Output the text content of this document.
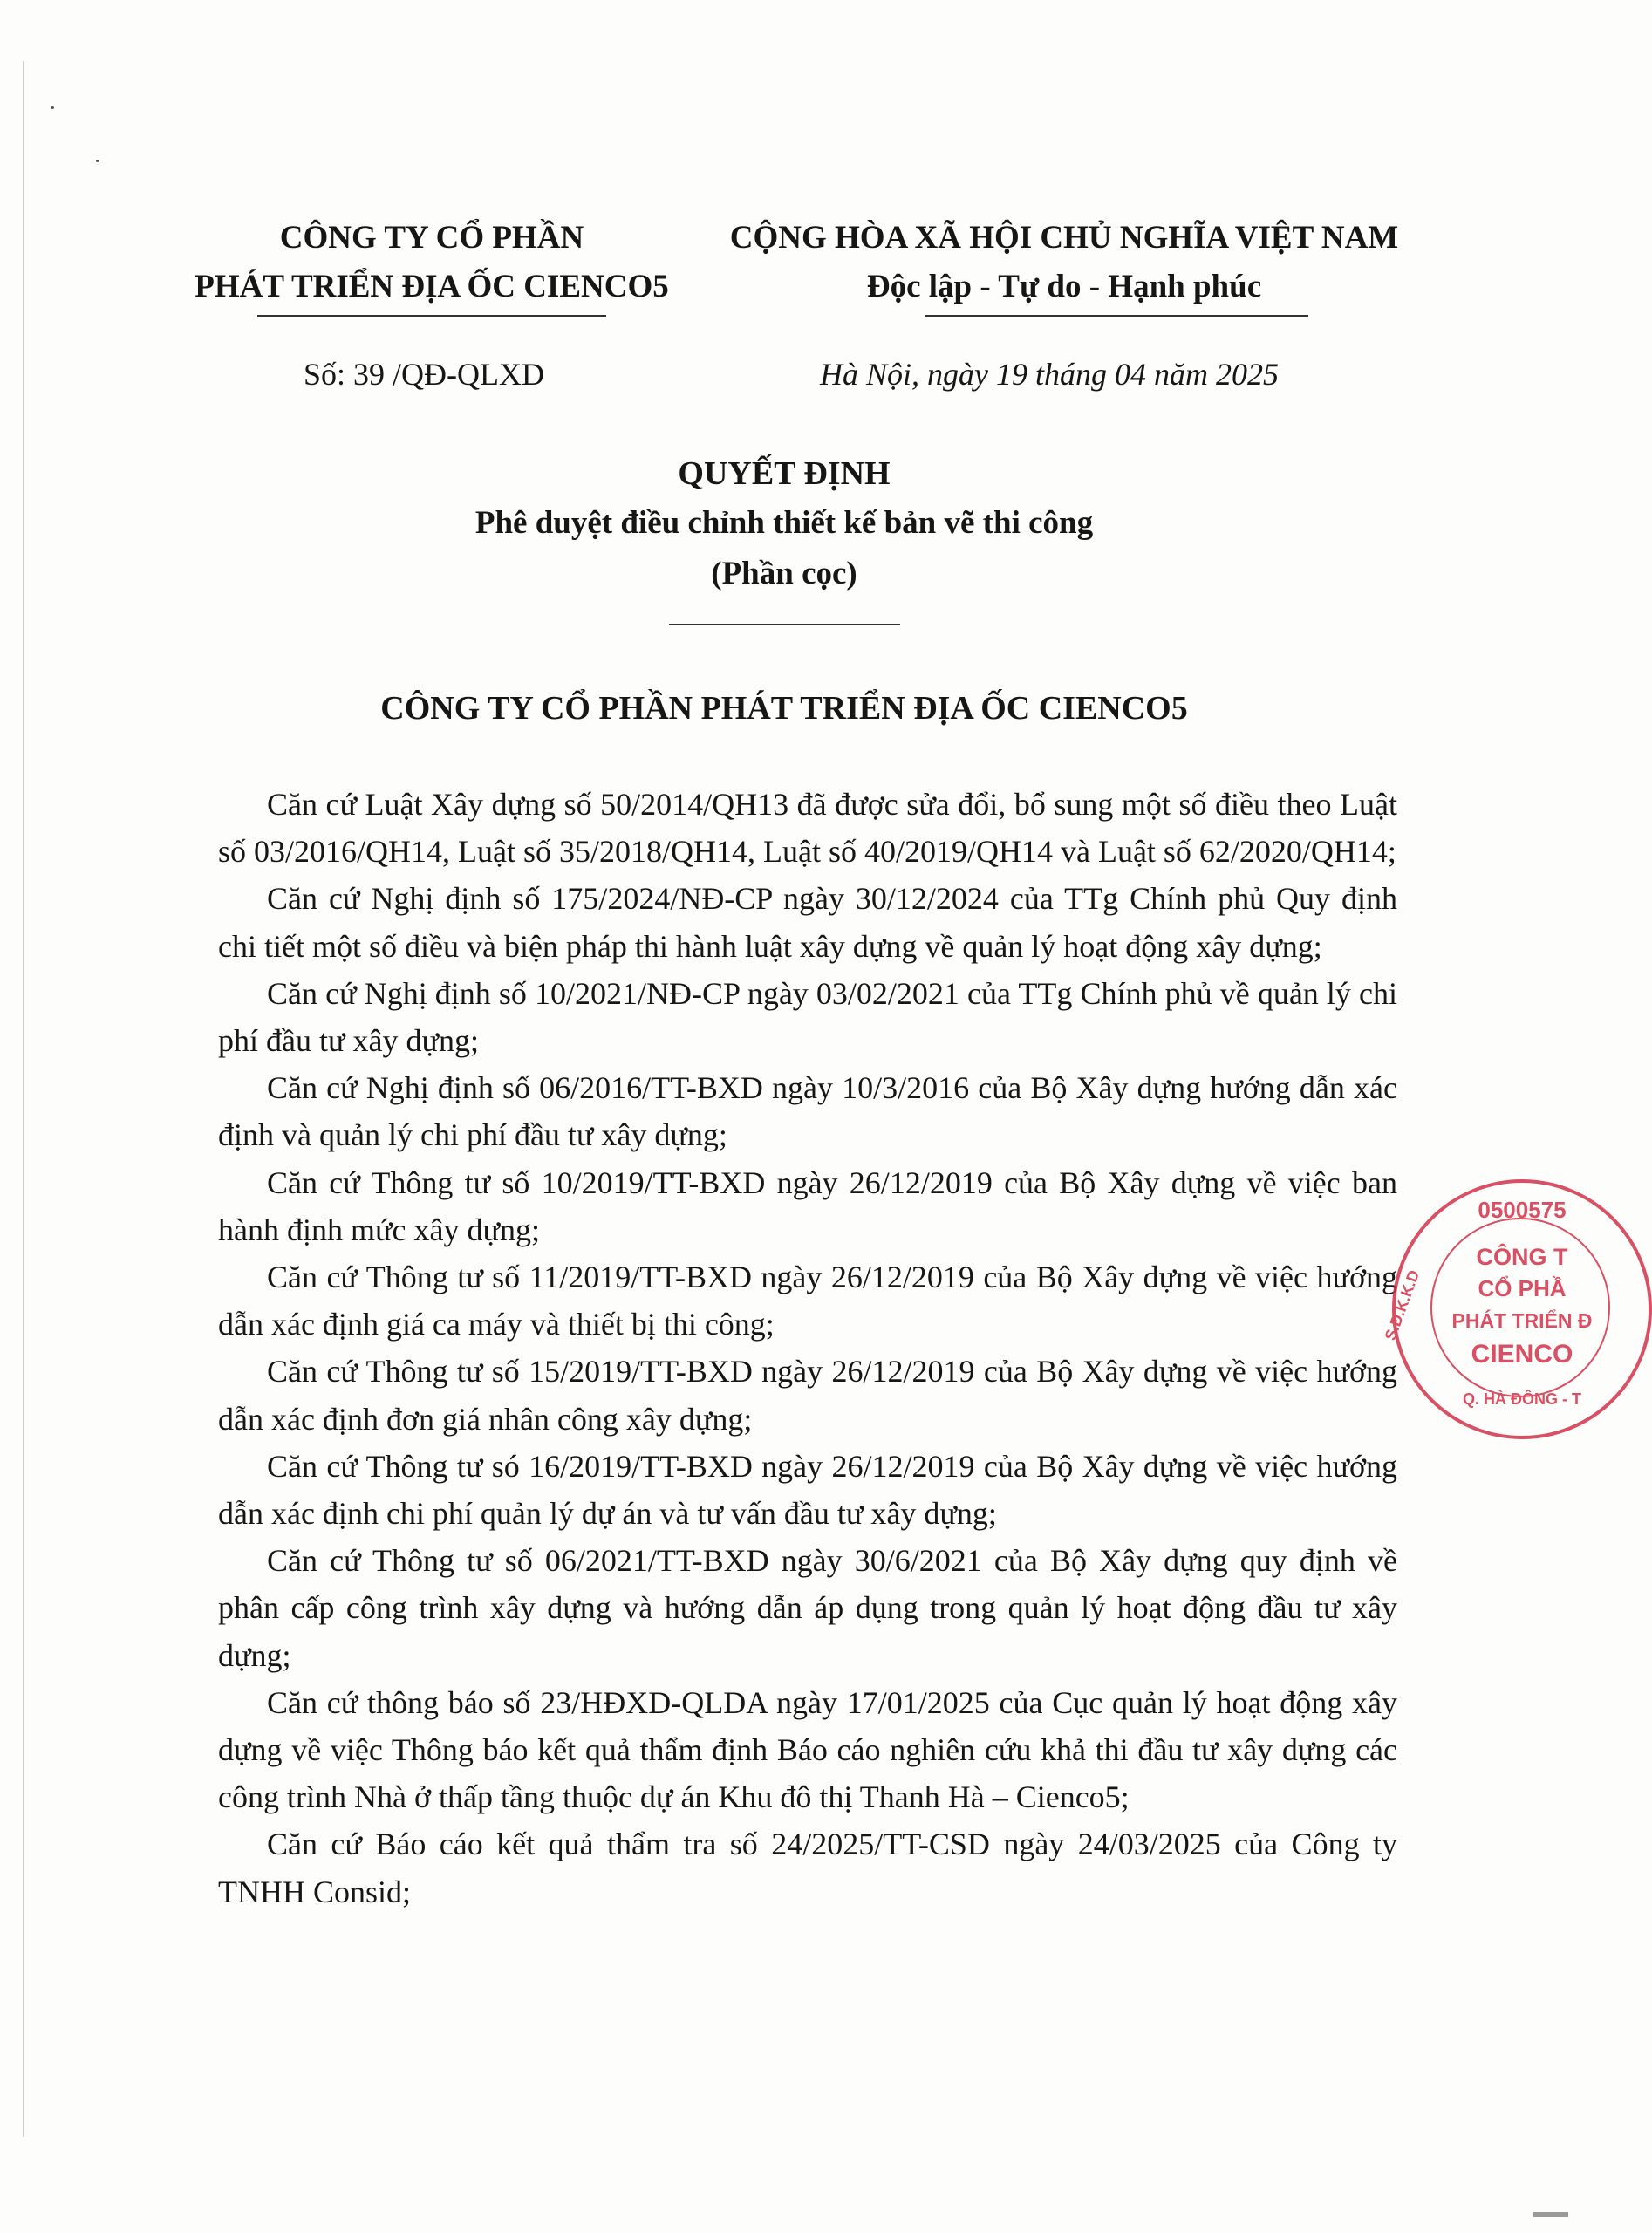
CÔNG TY CỔ PHẦN

PHÁT TRIỂN ĐỊA ỐC CIENCO5

CỘNG HÒA XÃ HỘI CHỦ NGHĨA VIỆT NAM

Độc lập - Tự do - Hạnh phúc

Số: 39 /QĐ-QLXD	Hà Nội, ngày 19 tháng 04 năm 2025

QUYẾT ĐỊNH

Phê duyệt điều chỉnh thiết kế bản vẽ thi công

(Phần cọc)

CÔNG TY CỔ PHẦN PHÁT TRIỂN ĐỊA ỐC CIENCO5

Căn cứ Luật Xây dựng số 50/2014/QH13 đã được sửa đổi, bổ sung một số điều theo Luật số 03/2016/QH14, Luật số 35/2018/QH14, Luật số 40/2019/QH14 và Luật số 62/2020/QH14;

Căn cứ Nghị định số 175/2024/NĐ-CP ngày 30/12/2024 của TTg Chính phủ Quy định chi tiết một số điều và biện pháp thi hành luật xây dựng về quản lý hoạt động xây dựng;

Căn cứ Nghị định số 10/2021/NĐ-CP ngày 03/02/2021 của TTg Chính phủ về quản lý chi phí đầu tư xây dựng;

Căn cứ Nghị định số 06/2016/TT-BXD ngày 10/3/2016 của Bộ Xây dựng hướng dẫn xác định và quản lý chi phí đầu tư xây dựng;

Căn cứ Thông tư số 10/2019/TT-BXD ngày 26/12/2019 của Bộ Xây dựng về việc ban hành định mức xây dựng;

Căn cứ Thông tư số 11/2019/TT-BXD ngày 26/12/2019 của Bộ Xây dựng về việc hướng dẫn xác định giá ca máy và thiết bị thi công;

Căn cứ Thông tư số 15/2019/TT-BXD ngày 26/12/2019 của Bộ Xây dựng về việc hướng dẫn xác định đơn giá nhân công xây dựng;

Căn cứ Thông tư só 16/2019/TT-BXD ngày 26/12/2019 của Bộ Xây dựng về việc hướng dẫn xác định chi phí quản lý dự án và tư vấn đầu tư xây dựng;

Căn cứ Thông tư số 06/2021/TT-BXD ngày 30/6/2021 của Bộ Xây dựng quy định về phân cấp công trình xây dựng và hướng dẫn áp dụng trong quản lý hoạt động đầu tư xây dựng;

Căn cứ thông báo số 23/HĐXD-QLDA ngày 17/01/2025 của Cục quản lý hoạt động xây dựng về việc Thông báo kết quả thẩm định Báo cáo nghiên cứu khả thi đầu tư xây dựng các công trình Nhà ở thấp tầng thuộc dự án Khu đô thị Thanh Hà – Cienco5;

Căn cứ Báo cáo kết quả thẩm tra số 24/2025/TT-CSD ngày 24/03/2025 của Công ty TNHH Consid;

0500575
CÔNG T
CỔ PHẦ
PHÁT TRIỂN Đ
CIENCO
S.Đ.K.K.D
Q. HÀ ĐÔNG - T
